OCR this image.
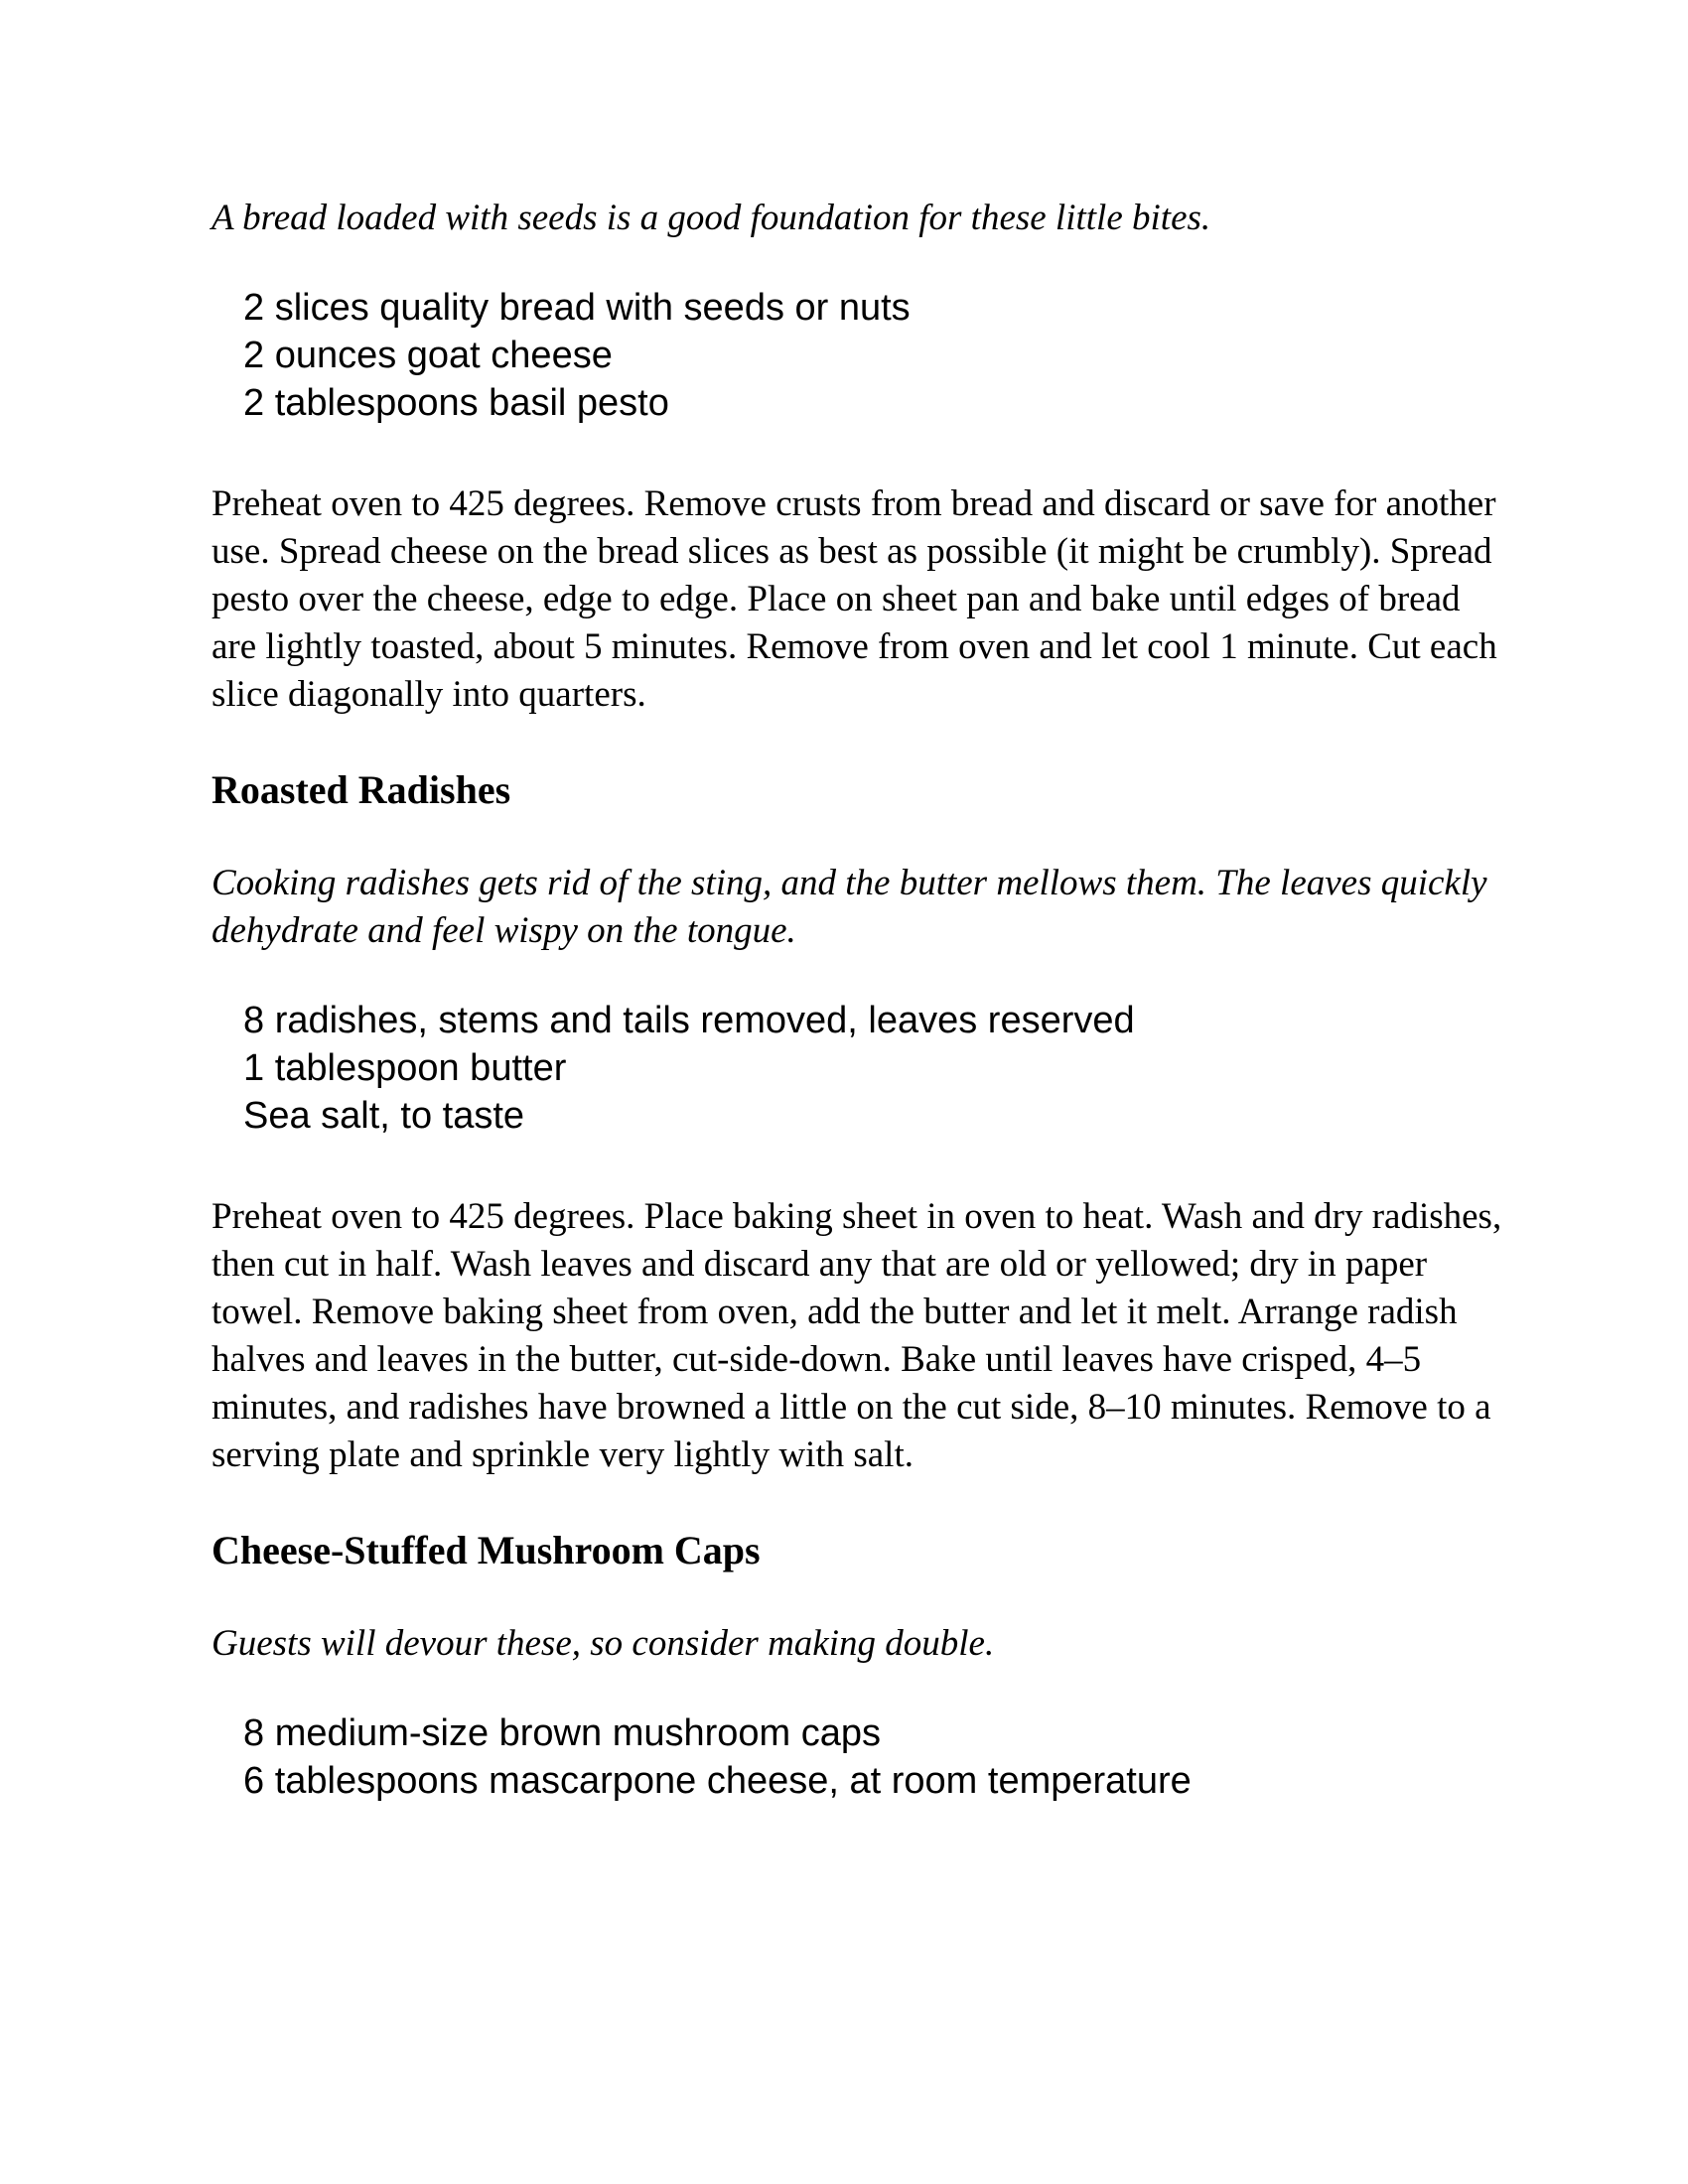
A bread loaded with seeds is a good foundation for these little bites.

2 slices quality bread with seeds or nuts
2 ounces goat cheese
2 tablespoons basil pesto

Preheat oven to 425 degrees. Remove crusts from bread and discard or save for another use. Spread cheese on the bread slices as best as possible (it might be crumbly). Spread pesto over the cheese, edge to edge. Place on sheet pan and bake until edges of bread are lightly toasted, about 5 minutes. Remove from oven and let cool 1 minute. Cut each slice diagonally into quarters.

Roasted Radishes

Cooking radishes gets rid of the sting, and the butter mellows them. The leaves quickly dehydrate and feel wispy on the tongue.

8 radishes, stems and tails removed, leaves reserved
1 tablespoon butter
Sea salt, to taste

Preheat oven to 425 degrees. Place baking sheet in oven to heat. Wash and dry radishes, then cut in half. Wash leaves and discard any that are old or yellowed; dry in paper towel. Remove baking sheet from oven, add the butter and let it melt. Arrange radish halves and leaves in the butter, cut-side-down. Bake until leaves have crisped, 4–5 minutes, and radishes have browned a little on the cut side, 8–10 minutes. Remove to a serving plate and sprinkle very lightly with salt.

Cheese-Stuffed Mushroom Caps

Guests will devour these, so consider making double.

8 medium-size brown mushroom caps
6 tablespoons mascarpone cheese, at room temperature
